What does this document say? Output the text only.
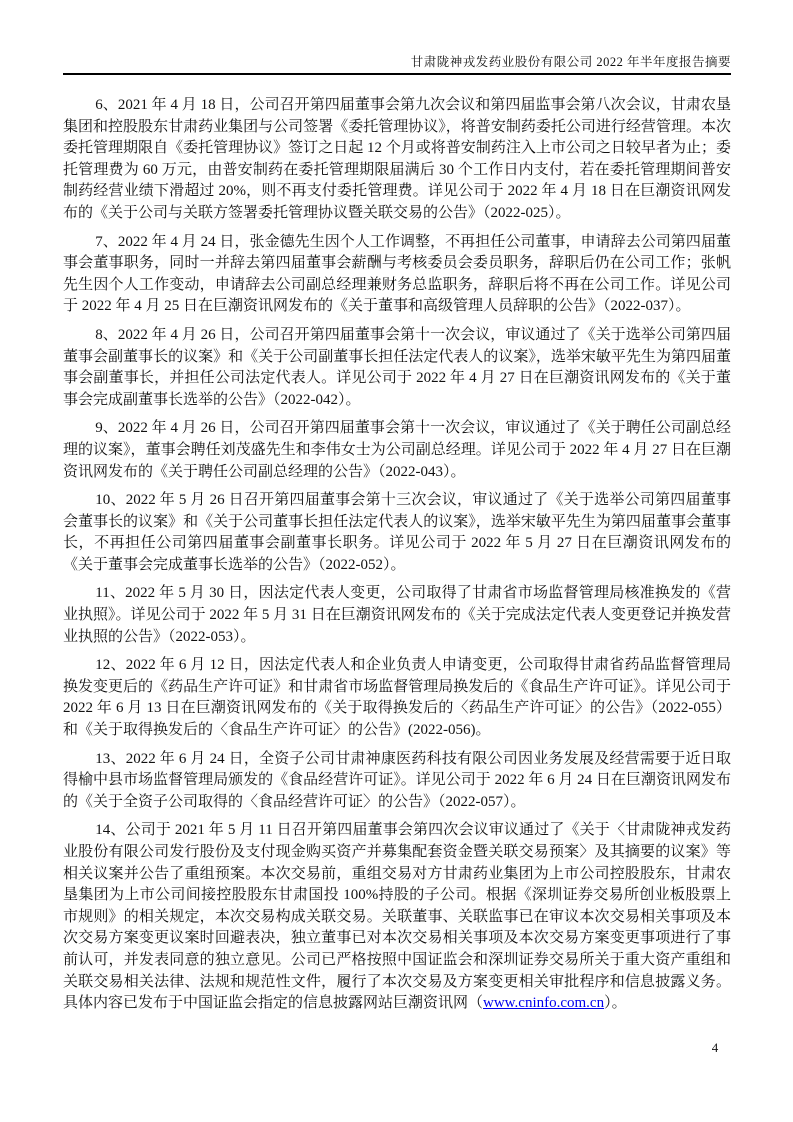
甘肃陇神戎发药业股份有限公司 2022 年半年度报告摘要

6、2021 年 4 月 18 日，公司召开第四届董事会第九次会议和第四届监事会第八次会议，甘肃农垦集团和控股股东甘肃药业集团与公司签署《委托管理协议》，将普安制药委托公司进行经营管理。本次委托管理期限自《委托管理协议》签订之日起 12 个月或将普安制药注入上市公司之日较早者为止；委托管理费为 60 万元，由普安制药在委托管理期限届满后 30 个工作日内支付，若在委托管理期间普安制药经营业绩下滑超过 20%，则不再支付委托管理费。详见公司于 2022 年 4 月 18 日在巨潮资讯网发布的《关于公司与关联方签署委托管理协议暨关联交易的公告》（2022-025）。

7、2022 年 4 月 24 日，张金德先生因个人工作调整，不再担任公司董事，申请辞去公司第四届董事会董事职务，同时一并辞去第四届董事会薪酬与考核委员会委员职务，辞职后仍在公司工作；张帆先生因个人工作变动，申请辞去公司副总经理兼财务总监职务，辞职后将不再在公司工作。详见公司于 2022 年 4 月 25 日在巨潮资讯网发布的《关于董事和高级管理人员辞职的公告》（2022-037）。

8、2022 年 4 月 26 日，公司召开第四届董事会第十一次会议，审议通过了《关于选举公司第四届董事会副董事长的议案》和《关于公司副董事长担任法定代表人的议案》，选举宋敏平先生为第四届董事会副董事长，并担任公司法定代表人。详见公司于 2022 年 4 月 27 日在巨潮资讯网发布的《关于董事会完成副董事长选举的公告》（2022-042）。

9、2022 年 4 月 26 日，公司召开第四届董事会第十一次会议，审议通过了《关于聘任公司副总经理的议案》，董事会聘任刘茂盛先生和李伟女士为公司副总经理。详见公司于 2022 年 4 月 27 日在巨潮资讯网发布的《关于聘任公司副总经理的公告》（2022-043）。

10、2022 年 5 月 26 日召开第四届董事会第十三次会议，审议通过了《关于选举公司第四届董事会董事长的议案》和《关于公司董事长担任法定代表人的议案》，选举宋敏平先生为第四届董事会董事长，不再担任公司第四届董事会副董事长职务。详见公司于 2022 年 5 月 27 日在巨潮资讯网发布的《关于董事会完成董事长选举的公告》（2022-052）。

11、2022 年 5 月 30 日，因法定代表人变更，公司取得了甘肃省市场监督管理局核准换发的《营业执照》。详见公司于 2022 年 5 月 31 日在巨潮资讯网发布的《关于完成法定代表人变更登记并换发营业执照的公告》（2022-053）。

12、2022 年 6 月 12 日，因法定代表人和企业负责人申请变更，公司取得甘肃省药品监督管理局换发变更后的《药品生产许可证》和甘肃省市场监督管理局换发后的《食品生产许可证》。详见公司于 2022 年 6 月 13 日在巨潮资讯网发布的《关于取得换发后的〈药品生产许可证〉的公告》（2022-055）和《关于取得换发后的〈食品生产许可证〉的公告》(2022-056)。

13、2022 年 6 月 24 日，全资子公司甘肃神康医药科技有限公司因业务发展及经营需要于近日取得榆中县市场监督管理局颁发的《食品经营许可证》。详见公司于 2022 年 6 月 24 日在巨潮资讯网发布的《关于全资子公司取得的〈食品经营许可证〉的公告》（2022-057）。

14、公司于 2021 年 5 月 11 日召开第四届董事会第四次会议审议通过了《关于〈甘肃陇神戎发药业股份有限公司发行股份及支付现金购买资产并募集配套资金暨关联交易预案〉及其摘要的议案》等相关议案并公告了重组预案。本次交易前，重组交易对方甘肃药业集团为上市公司控股股东，甘肃农垦集团为上市公司间接控股股东甘肃国投 100%持股的子公司。根据《深圳证券交易所创业板股票上市规则》的相关规定，本次交易构成关联交易。关联董事、关联监事已在审议本次交易相关事项及本次交易方案变更议案时回避表决，独立董事已对本次交易相关事项及本次交易方案变更事项进行了事前认可，并发表同意的独立意见。公司已严格按照中国证监会和深圳证券交易所关于重大资产重组和关联交易相关法律、法规和规范性文件，履行了本次交易及方案变更相关审批程序和信息披露义务。具体内容已发布于中国证监会指定的信息披露网站巨潮资讯网（www.cninfo.com.cn）。

4
